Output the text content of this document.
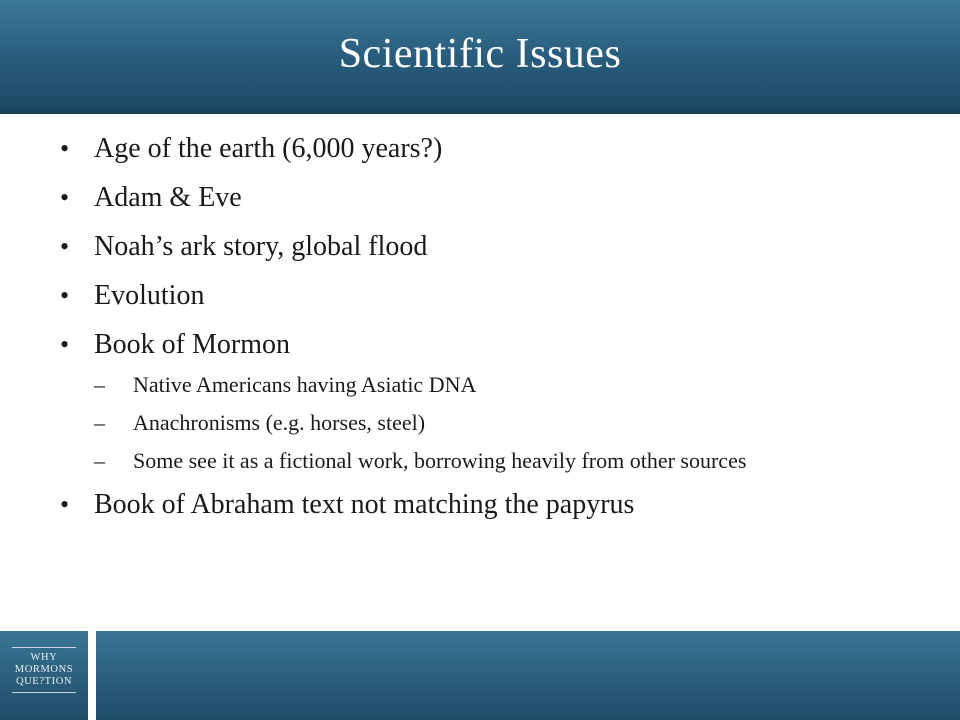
Scientific Issues
• Age of the earth (6,000 years?)
• Adam & Eve
• Noah’s ark story, global flood
• Evolution
• Book of Mormon
– Native Americans having Asiatic DNA
– Anachronisms (e.g. horses, steel)
– Some see it as a fictional work, borrowing heavily from other sources
• Book of Abraham text not matching the papyrus
WHY
MORMONS
QUE?TION
